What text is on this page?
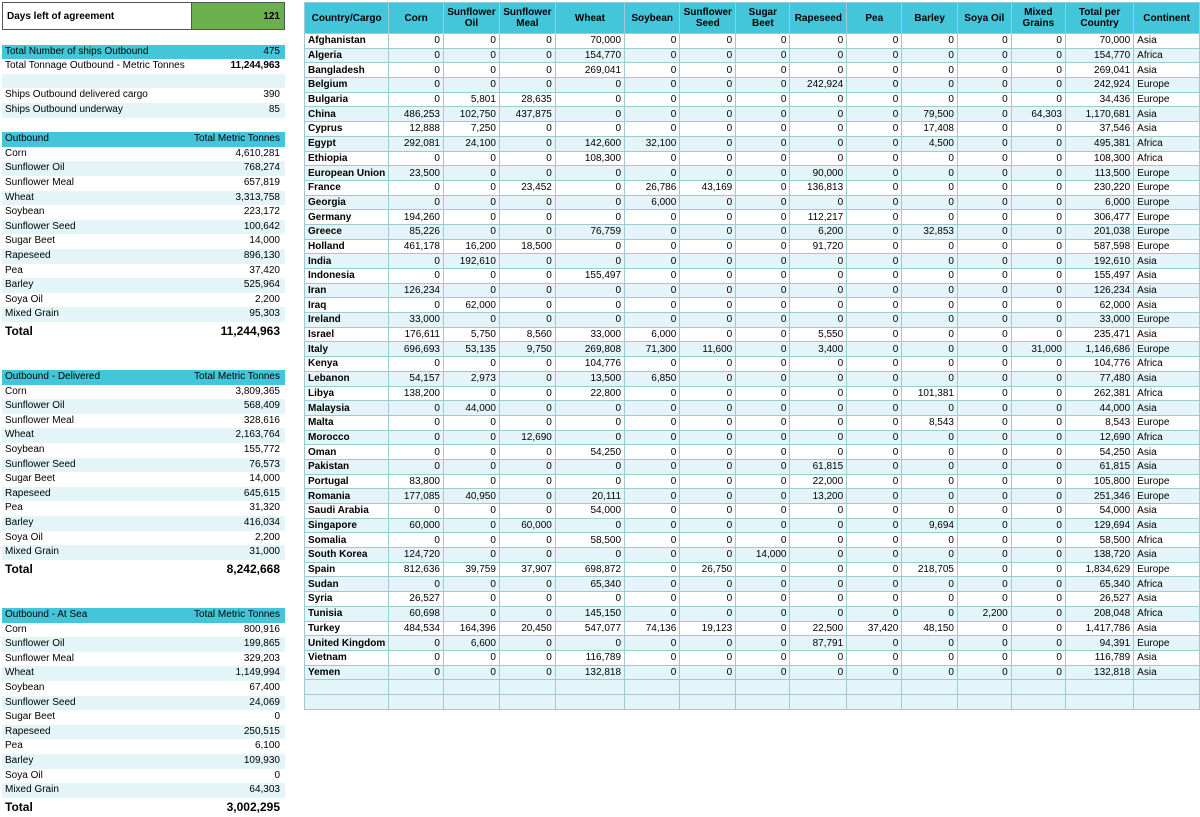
Days left of agreement	121
Total Number of ships Outbound	475
Total Tonnage Outbound - Metric Tonnes	11,244,963
Ships Outbound delivered cargo	390
Ships Outbound underway	85
Outbound	Total Metric Tonnes
Corn	4,610,281
Sunflower Oil	768,274
Sunflower Meal	657,819
Wheat	3,313,758
Soybean	223,172
Sunflower Seed	100,642
Sugar Beet	14,000
Rapeseed	896,130
Pea	37,420
Barley	525,964
Soya Oil	2,200
Mixed Grain	95,303
Total	11,244,963
Outbound - Delivered	Total Metric Tonnes
Corn	3,809,365
Sunflower Oil	568,409
Sunflower Meal	328,616
Wheat	2,163,764
Soybean	155,772
Sunflower Seed	76,573
Sugar Beet	14,000
Rapeseed	645,615
Pea	31,320
Barley	416,034
Soya Oil	2,200
Mixed Grain	31,000
Total	8,242,668
Outbound - At Sea	Total Metric Tonnes
Corn	800,916
Sunflower Oil	199,865
Sunflower Meal	329,203
Wheat	1,149,994
Soybean	67,400
Sunflower Seed	24,069
Sugar Beet	0
Rapeseed	250,515
Pea	6,100
Barley	109,930
Soya Oil	0
Mixed Grain	64,303
Total	3,002,295
Country/Cargo	Corn	Sunflower Oil	Sunflower Meal	Wheat	Soybean	Sunflower Seed	Sugar Beet	Rapeseed	Pea	Barley	Soya Oil	Mixed Grains	Total per Country	Continent
Afghanistan	0	0	0	70,000	0	0	0	0	0	0	0	0	70,000	Asia
Algeria	0	0	0	154,770	0	0	0	0	0	0	0	0	154,770	Africa
Bangladesh	0	0	0	269,041	0	0	0	0	0	0	0	0	269,041	Asia
Belgium	0	0	0	0	0	0	0	242,924	0	0	0	0	242,924	Europe
Bulgaria	0	5,801	28,635	0	0	0	0	0	0	0	0	0	34,436	Europe
China	486,253	102,750	437,875	0	0	0	0	0	0	79,500	0	64,303	1,170,681	Asia
Cyprus	12,888	7,250	0	0	0	0	0	0	0	17,408	0	0	37,546	Asia
Egypt	292,081	24,100	0	142,600	32,100	0	0	0	0	4,500	0	0	495,381	Africa
Ethiopia	0	0	0	108,300	0	0	0	0	0	0	0	0	108,300	Africa
European Union	23,500	0	0	0	0	0	0	90,000	0	0	0	0	113,500	Europe
France	0	0	23,452	0	26,786	43,169	0	136,813	0	0	0	0	230,220	Europe
Georgia	0	0	0	0	6,000	0	0	0	0	0	0	0	6,000	Europe
Germany	194,260	0	0	0	0	0	0	112,217	0	0	0	0	306,477	Europe
Greece	85,226	0	0	76,759	0	0	0	6,200	0	32,853	0	0	201,038	Europe
Holland	461,178	16,200	18,500	0	0	0	0	91,720	0	0	0	0	587,598	Europe
India	0	192,610	0	0	0	0	0	0	0	0	0	0	192,610	Asia
Indonesia	0	0	0	155,497	0	0	0	0	0	0	0	0	155,497	Asia
Iran	126,234	0	0	0	0	0	0	0	0	0	0	0	126,234	Asia
Iraq	0	62,000	0	0	0	0	0	0	0	0	0	0	62,000	Asia
Ireland	33,000	0	0	0	0	0	0	0	0	0	0	0	33,000	Europe
Israel	176,611	5,750	8,560	33,000	6,000	0	0	5,550	0	0	0	0	235,471	Asia
Italy	696,693	53,135	9,750	269,808	71,300	11,600	0	3,400	0	0	0	31,000	1,146,686	Europe
Kenya	0	0	0	104,776	0	0	0	0	0	0	0	0	104,776	Africa
Lebanon	54,157	2,973	0	13,500	6,850	0	0	0	0	0	0	0	77,480	Asia
Libya	138,200	0	0	22,800	0	0	0	0	0	101,381	0	0	262,381	Africa
Malaysia	0	44,000	0	0	0	0	0	0	0	0	0	0	44,000	Asia
Malta	0	0	0	0	0	0	0	0	0	8,543	0	0	8,543	Europe
Morocco	0	0	12,690	0	0	0	0	0	0	0	0	0	12,690	Africa
Oman	0	0	0	54,250	0	0	0	0	0	0	0	0	54,250	Asia
Pakistan	0	0	0	0	0	0	0	61,815	0	0	0	0	61,815	Asia
Portugal	83,800	0	0	0	0	0	0	22,000	0	0	0	0	105,800	Europe
Romania	177,085	40,950	0	20,111	0	0	0	13,200	0	0	0	0	251,346	Europe
Saudi Arabia	0	0	0	54,000	0	0	0	0	0	0	0	0	54,000	Asia
Singapore	60,000	0	60,000	0	0	0	0	0	0	9,694	0	0	129,694	Asia
Somalia	0	0	0	58,500	0	0	0	0	0	0	0	0	58,500	Africa
South Korea	124,720	0	0	0	0	0	14,000	0	0	0	0	0	138,720	Asia
Spain	812,636	39,759	37,907	698,872	0	26,750	0	0	0	218,705	0	0	1,834,629	Europe
Sudan	0	0	0	65,340	0	0	0	0	0	0	0	0	65,340	Africa
Syria	26,527	0	0	0	0	0	0	0	0	0	0	0	26,527	Asia
Tunisia	60,698	0	0	145,150	0	0	0	0	0	0	2,200	0	208,048	Africa
Turkey	484,534	164,396	20,450	547,077	74,136	19,123	0	22,500	37,420	48,150	0	0	1,417,786	Asia
United Kingdom	0	6,600	0	0	0	0	0	87,791	0	0	0	0	94,391	Europe
Vietnam	0	0	0	116,789	0	0	0	0	0	0	0	0	116,789	Asia
Yemen	0	0	0	132,818	0	0	0	0	0	0	0	0	132,818	Asia
